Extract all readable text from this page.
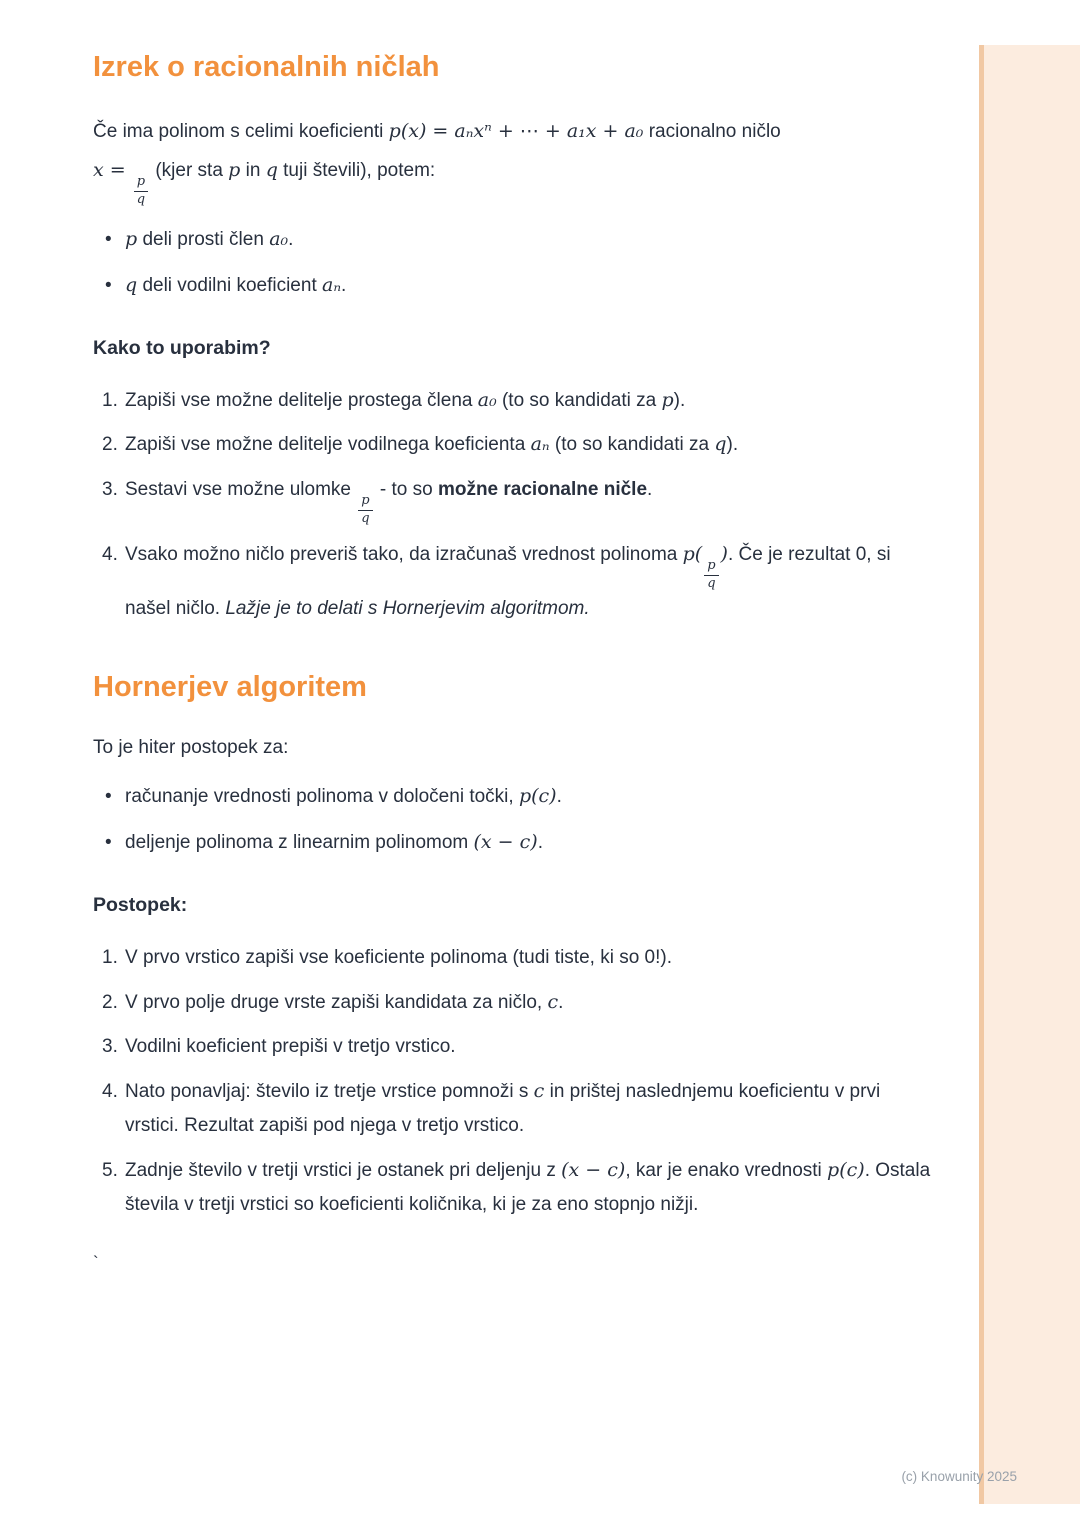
Izrek o racionalnih ničlah

Če ima polinom s celimi koeficienti p(x) = aₙxⁿ + ⋯ + a₁x + a₀ racionalno ničlo
x =
$\frac{p}{q}$
(kjer sta p in q tuji števili), potem:

• p deli prosti člen a₀.
• q deli vodilni koeficient aₙ.
Kako to uporabim?
1. Zapiši vse možne delitelje prostega člena a₀ (to so kandidati za p).
2. Zapiši vse možne delitelje vodilnega koeficienta aₙ (to so kandidati za q).
3. Sestavi vse možne ulomke
$\frac{p}{q}$
- to so možne racionalne ničle.
4. Vsako možno ničlo preveriš tako, da izračunaš vrednost polinoma p(
$\frac{p}{q}$
). Če je rezultat 0, si našel ničlo. Lažje je to delati s Hornerjevim algoritmom.
Hornerjev algoritem

To je hiter postopek za:

• računanje vrednosti polinoma v določeni točki, p(c).
• deljenje polinoma z linearnim polinomom (x − c).
Postopek:
1. V prvo vrstico zapiši vse koeficiente polinoma (tudi tiste, ki so 0!).
2. V prvo polje druge vrste zapiši kandidata za ničlo, c.
3. Vodilni koeficient prepiši v tretjo vrstico.
4. Nato ponavljaj: število iz tretje vrstice pomnoži s c in prištej naslednjemu koeficientu v prvi vrstici. Rezultat zapiši pod njega v tretjo vrstico.
5. Zadnje število v tretji vrstici je ostanek pri deljenju z (x − c), kar je enako vrednosti p(c). Ostala števila v tretji vrstici so koeficienti količnika, ki je za eno stopnjo nižji.
`
(c) Knowunity 2025
